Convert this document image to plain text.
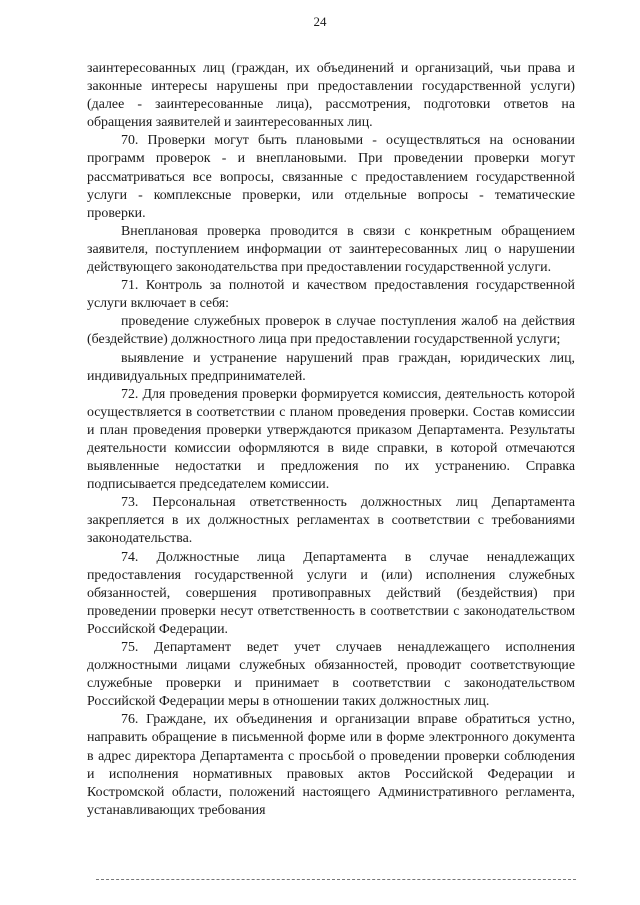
24

заинтересованных лиц (граждан, их объединений и организаций, чьи права и законные интересы нарушены при предоставлении государственной услуги) (далее - заинтересованные лица), рассмотрения, подготовки ответов на обращения заявителей и заинтересованных лиц.

70. Проверки могут быть плановыми - осуществляться на основании программ проверок - и внеплановыми. При проведении проверки могут рассматриваться все вопросы, связанные с предоставлением государственной услуги - комплексные проверки, или отдельные вопросы - тематические проверки.

Внеплановая проверка проводится в связи с конкретным обращением заявителя, поступлением информации от заинтересованных лиц о нарушении действующего законодательства при предоставлении государственной услуги.

71. Контроль за полнотой и качеством предоставления государственной услуги включает в себя:

проведение служебных проверок в случае поступления жалоб на действия (бездействие) должностного лица при предоставлении государственной услуги;

выявление и устранение нарушений прав граждан, юридических лиц, индивидуальных предпринимателей.

72. Для проведения проверки формируется комиссия, деятельность которой осуществляется в соответствии с планом проведения проверки. Состав комиссии и план проведения проверки утверждаются приказом Департамента. Результаты деятельности комиссии оформляются в виде справки, в которой отмечаются выявленные недостатки и предложения по их устранению. Справка подписывается председателем комиссии.

73. Персональная ответственность должностных лиц Департамента закрепляется в их должностных регламентах в соответствии с требованиями законодательства.

74. Должностные лица Департамента в случае ненадлежащих предоставления государственной услуги и (или) исполнения служебных обязанностей, совершения противоправных действий (бездействия) при проведении проверки несут ответственность в соответствии с законодательством Российской Федерации.

75. Департамент ведет учет случаев ненадлежащего исполнения должностными лицами служебных обязанностей, проводит соответствующие служебные проверки и принимает в соответствии с законодательством Российской Федерации меры в отношении таких должностных лиц.

76. Граждане, их объединения и организации вправе обратиться устно, направить обращение в письменной форме или в форме электронного документа в адрес директора Департамента с просьбой о проведении проверки соблюдения и исполнения нормативных правовых актов Российской Федерации и Костромской области, положений настоящего Административного регламента, устанавливающих требования
